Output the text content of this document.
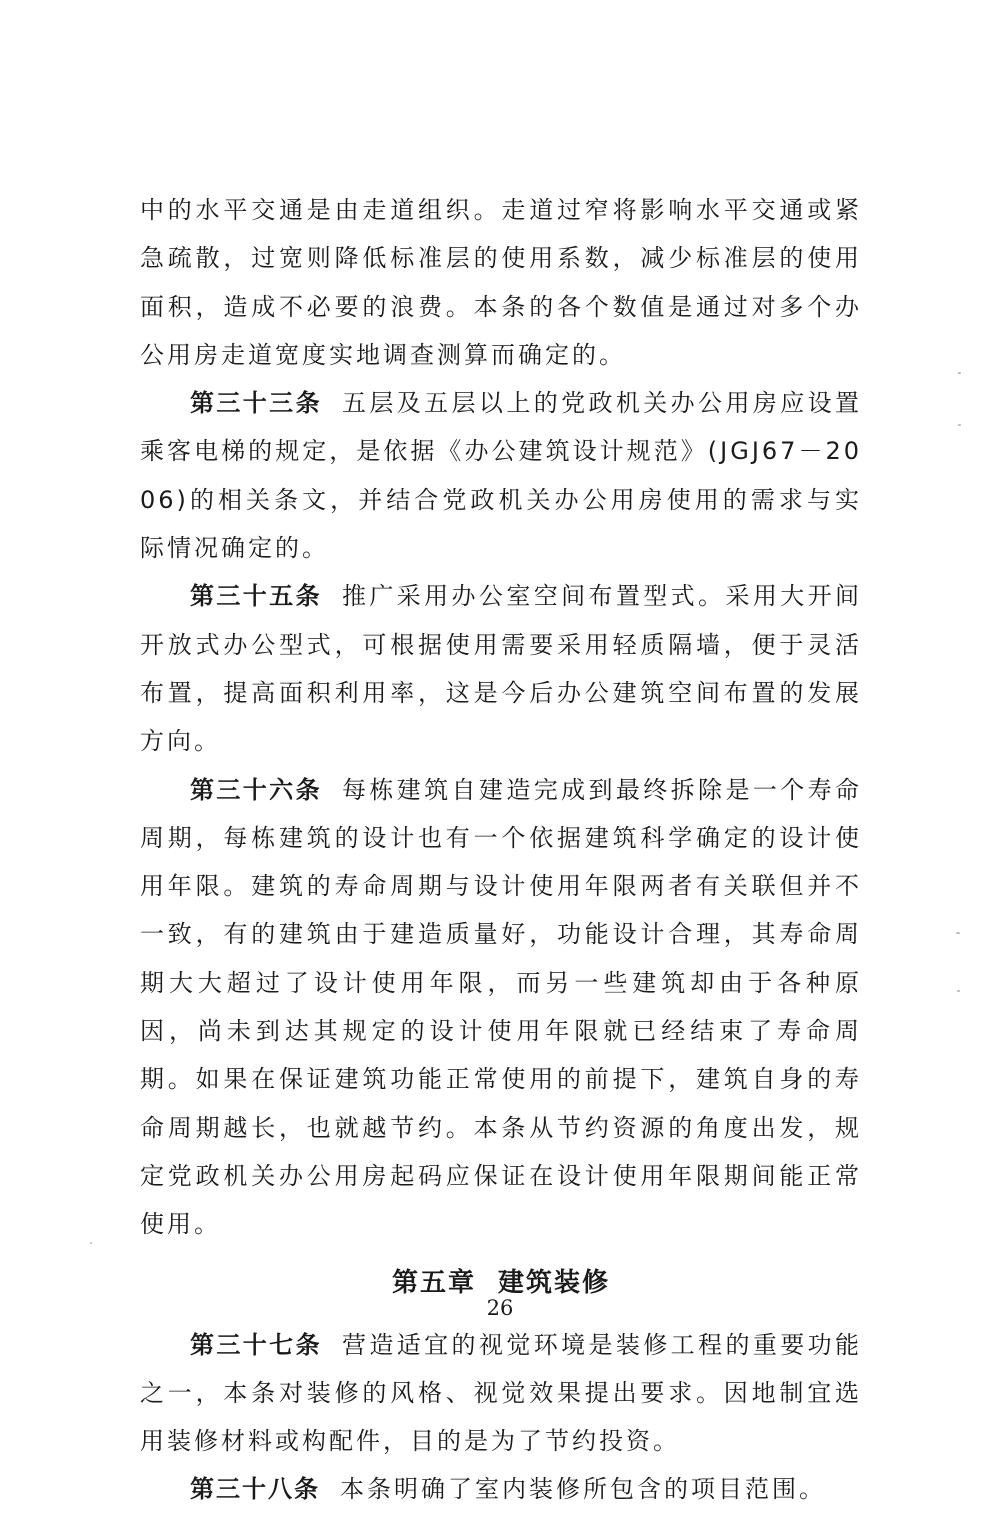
中的水平交通是由走道组织。走道过窄将影响水平交通或紧急疏散，过宽则降低标准层的使用系数，减少标准层的使用面积，造成不必要的浪费。本条的各个数值是通过对多个办公用房走道宽度实地调查测算而确定的。

第三十三条 五层及五层以上的党政机关办公用房应设置乘客电梯的规定，是依据《办公建筑设计规范》(JGJ67－2006)的相关条文，并结合党政机关办公用房使用的需求与实际情况确定的。

第三十五条 推广采用办公室空间布置型式。采用大开间开放式办公型式，可根据使用需要采用轻质隔墙，便于灵活布置，提高面积利用率，这是今后办公建筑空间布置的发展方向。

第三十六条 每栋建筑自建造完成到最终拆除是一个寿命周期，每栋建筑的设计也有一个依据建筑科学确定的设计使用年限。建筑的寿命周期与设计使用年限两者有关联但并不一致，有的建筑由于建造质量好，功能设计合理，其寿命周期大大超过了设计使用年限，而另一些建筑却由于各种原因，尚未到达其规定的设计使用年限就已经结束了寿命周期。如果在保证建筑功能正常使用的前提下，建筑自身的寿命周期越长，也就越节约。本条从节约资源的角度出发，规定党政机关办公用房起码应保证在设计使用年限期间能正常使用。

第五章 建筑装修

第三十七条 营造适宜的视觉环境是装修工程的重要功能之一，本条对装修的风格、视觉效果提出要求。因地制宜选用装修材料或构配件，目的是为了节约投资。

第三十八条 本条明确了室内装修所包含的项目范围。

26
